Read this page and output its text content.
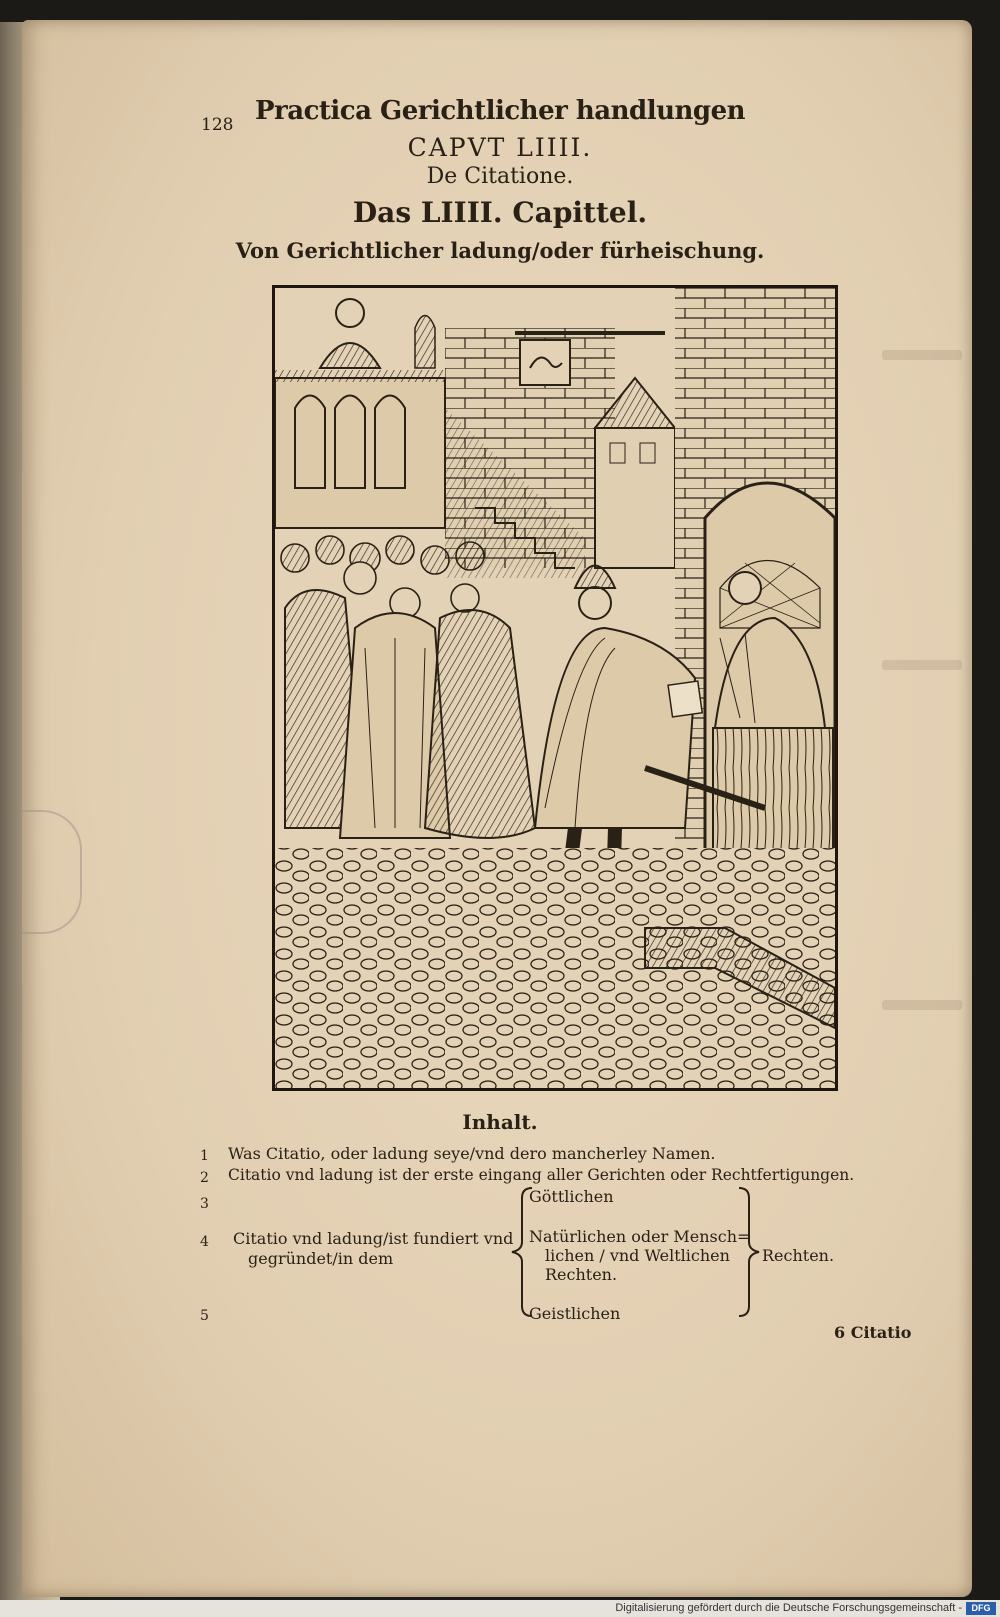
128 Practica Gerichtlicher handlungen
CAPVT LIIII.
De Citatione.
Das LIIII. Capittel.
Von Gerichtlicher ladung/oder fürheischung.
Inhalt.
1 Was Citatio, oder ladung seye/vnd dero mancherley Namen.
2 Citatio vnd ladung ist der erste eingang aller Gerichten oder Rechtfertigungen.
3
4
5
Citatio vnd ladung/ist fundiert vnd
gegründet/in dem
Göttlichen
Natürlichen oder Mensch=
lichen / vnd Weltlichen
Rechten.
Geistlichen
Rechten.
6 Citatio
Digitalisierung gefördert durch die Deutsche Forschungsgemeinschaft -	DFG
